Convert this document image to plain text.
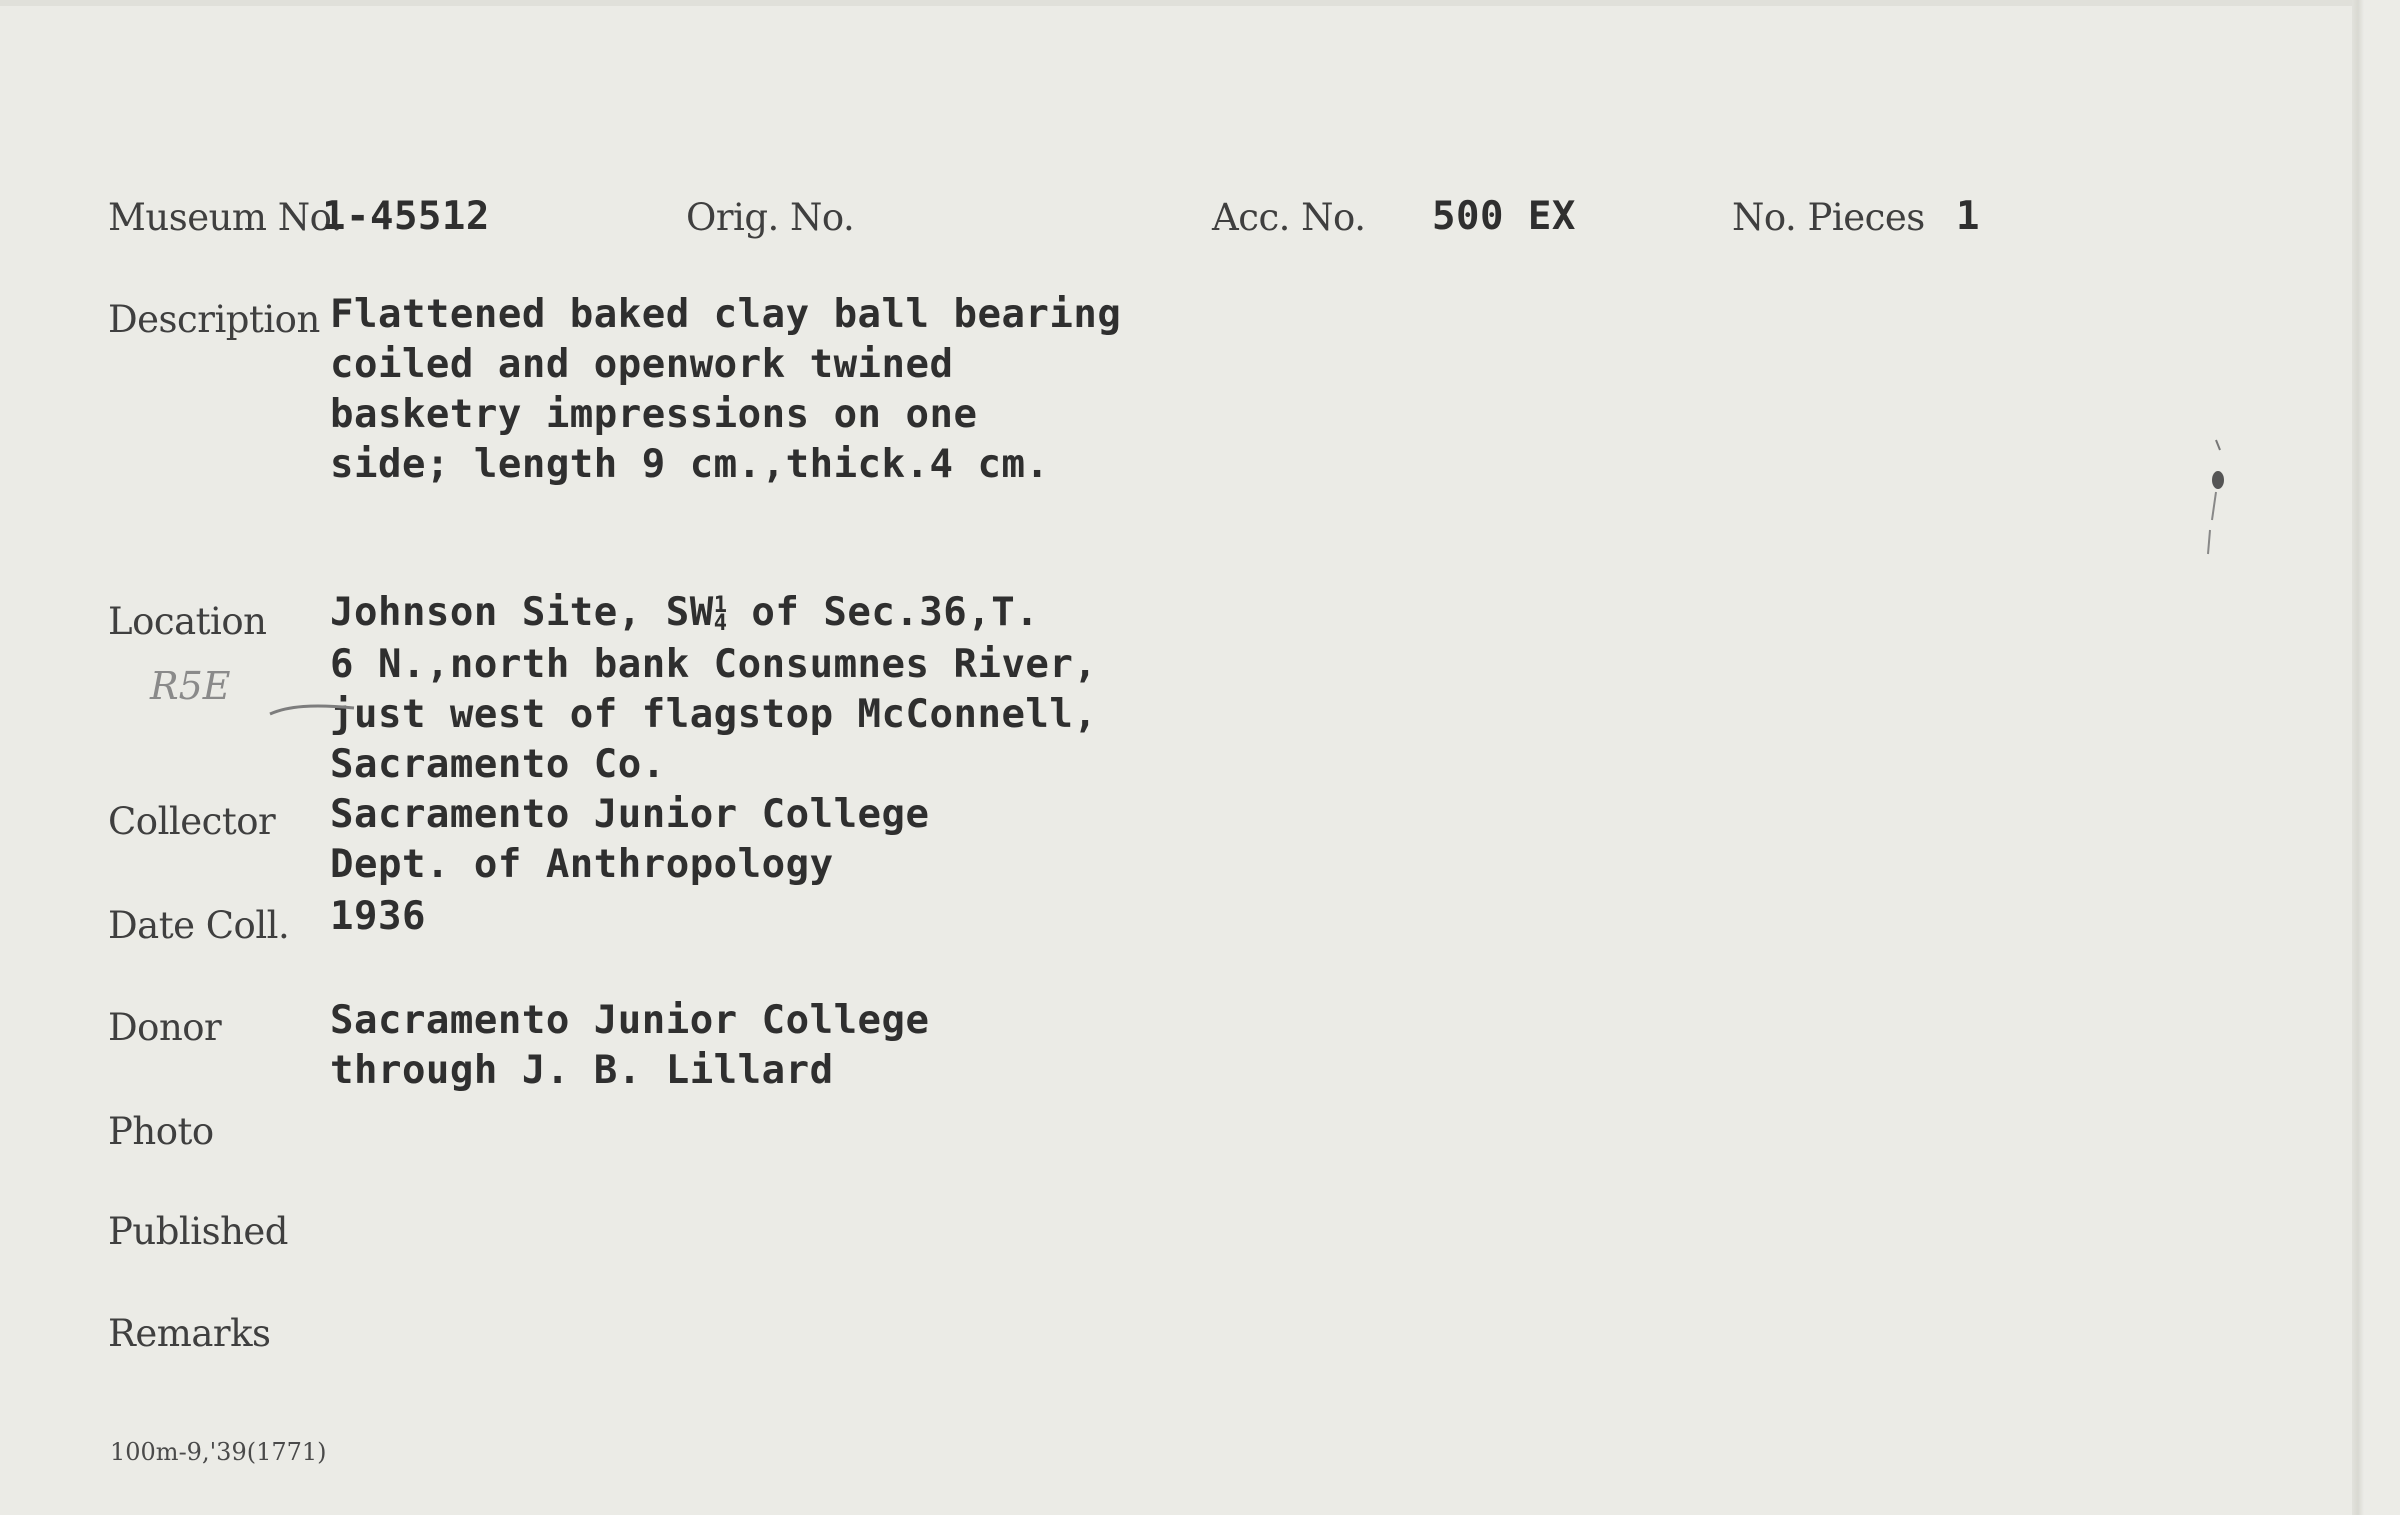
Museum No.
1-45512	Orig. No.	Acc. No. 500 EX	No. Pieces 1
Description Flattened baked clay ball bearing
coiled and openwork twined
basketry impressions on one
side; length 9 cm.,thick.4 cm.
Location Johnson Site, SW 1
4 of Sec.36,T.
6 N.,north bank Consumnes River,
just west of flagstop McConnell,
Sacramento Co.
R5E
Collector Sacramento Junior College
Dept. of Anthropology
Date Coll. 1936
Donor	Sacramento Junior College
through J. B. Lillard
Photo
Published
Remarks
100m-9,'39(1771)
